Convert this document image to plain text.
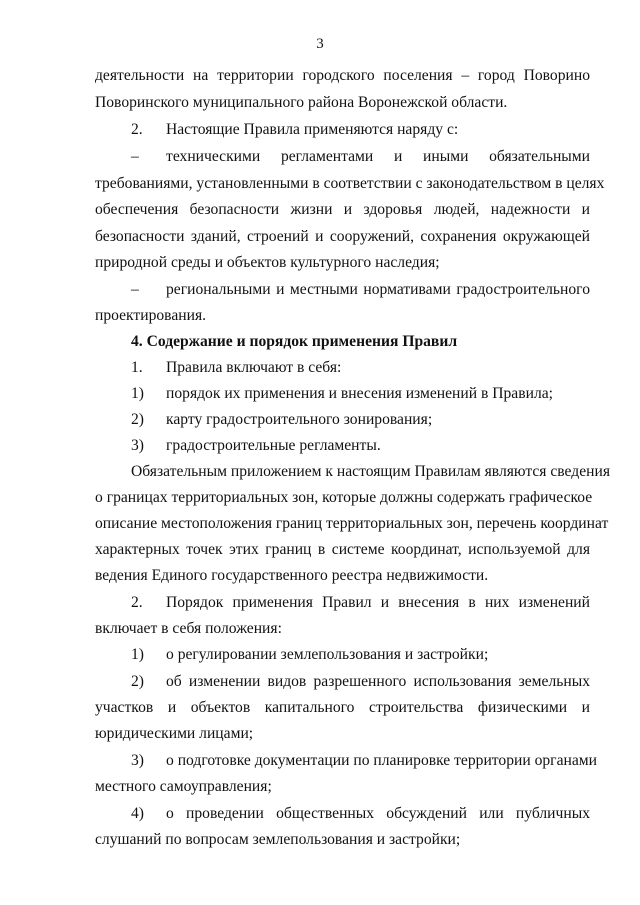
3
деятельности на территории городского поселения – город Поворино
Поворинского муниципального района Воронежской области.
2. Настоящие Правила применяются наряду с:
– техническими регламентами и иными обязательными
требованиями, установленными в соответствии с законодательством в целях
обеспечения безопасности жизни и здоровья людей, надежности и
безопасности зданий, строений и сооружений, сохранения окружающей
природной среды и объектов культурного наследия;
– региональными и местными нормативами градостроительного
проектирования.
4. Содержание и порядок применения Правил
1. Правила включают в себя:
1) порядок их применения и внесения изменений в Правила;
2) карту градостроительного зонирования;
3) градостроительные регламенты.
Обязательным приложением к настоящим Правилам являются сведения
о границах территориальных зон, которые должны содержать графическое
описание местоположения границ территориальных зон, перечень координат
характерных точек этих границ в системе координат, используемой для
ведения Единого государственного реестра недвижимости.
2. Порядок применения Правил и внесения в них изменений
включает в себя положения:
1) о регулировании землепользования и застройки;
2) об изменении видов разрешенного использования земельных
участков и объектов капитального строительства физическими и
юридическими лицами;
3) о подготовке документации по планировке территории органами
местного самоуправления;
4) о проведении общественных обсуждений или публичных
слушаний по вопросам землепользования и застройки;
